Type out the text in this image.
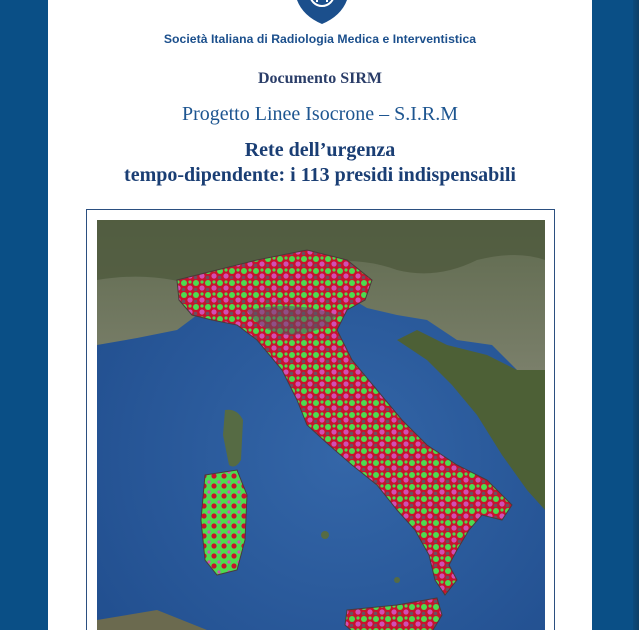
Società Italiana di Radiologia Medica e Interventistica
Documento SIRM
Progetto Linee Isocrone – S.I.R.M
Rete dell’urgenza
tempo-dipendente: i 113 presidi indispensabili
